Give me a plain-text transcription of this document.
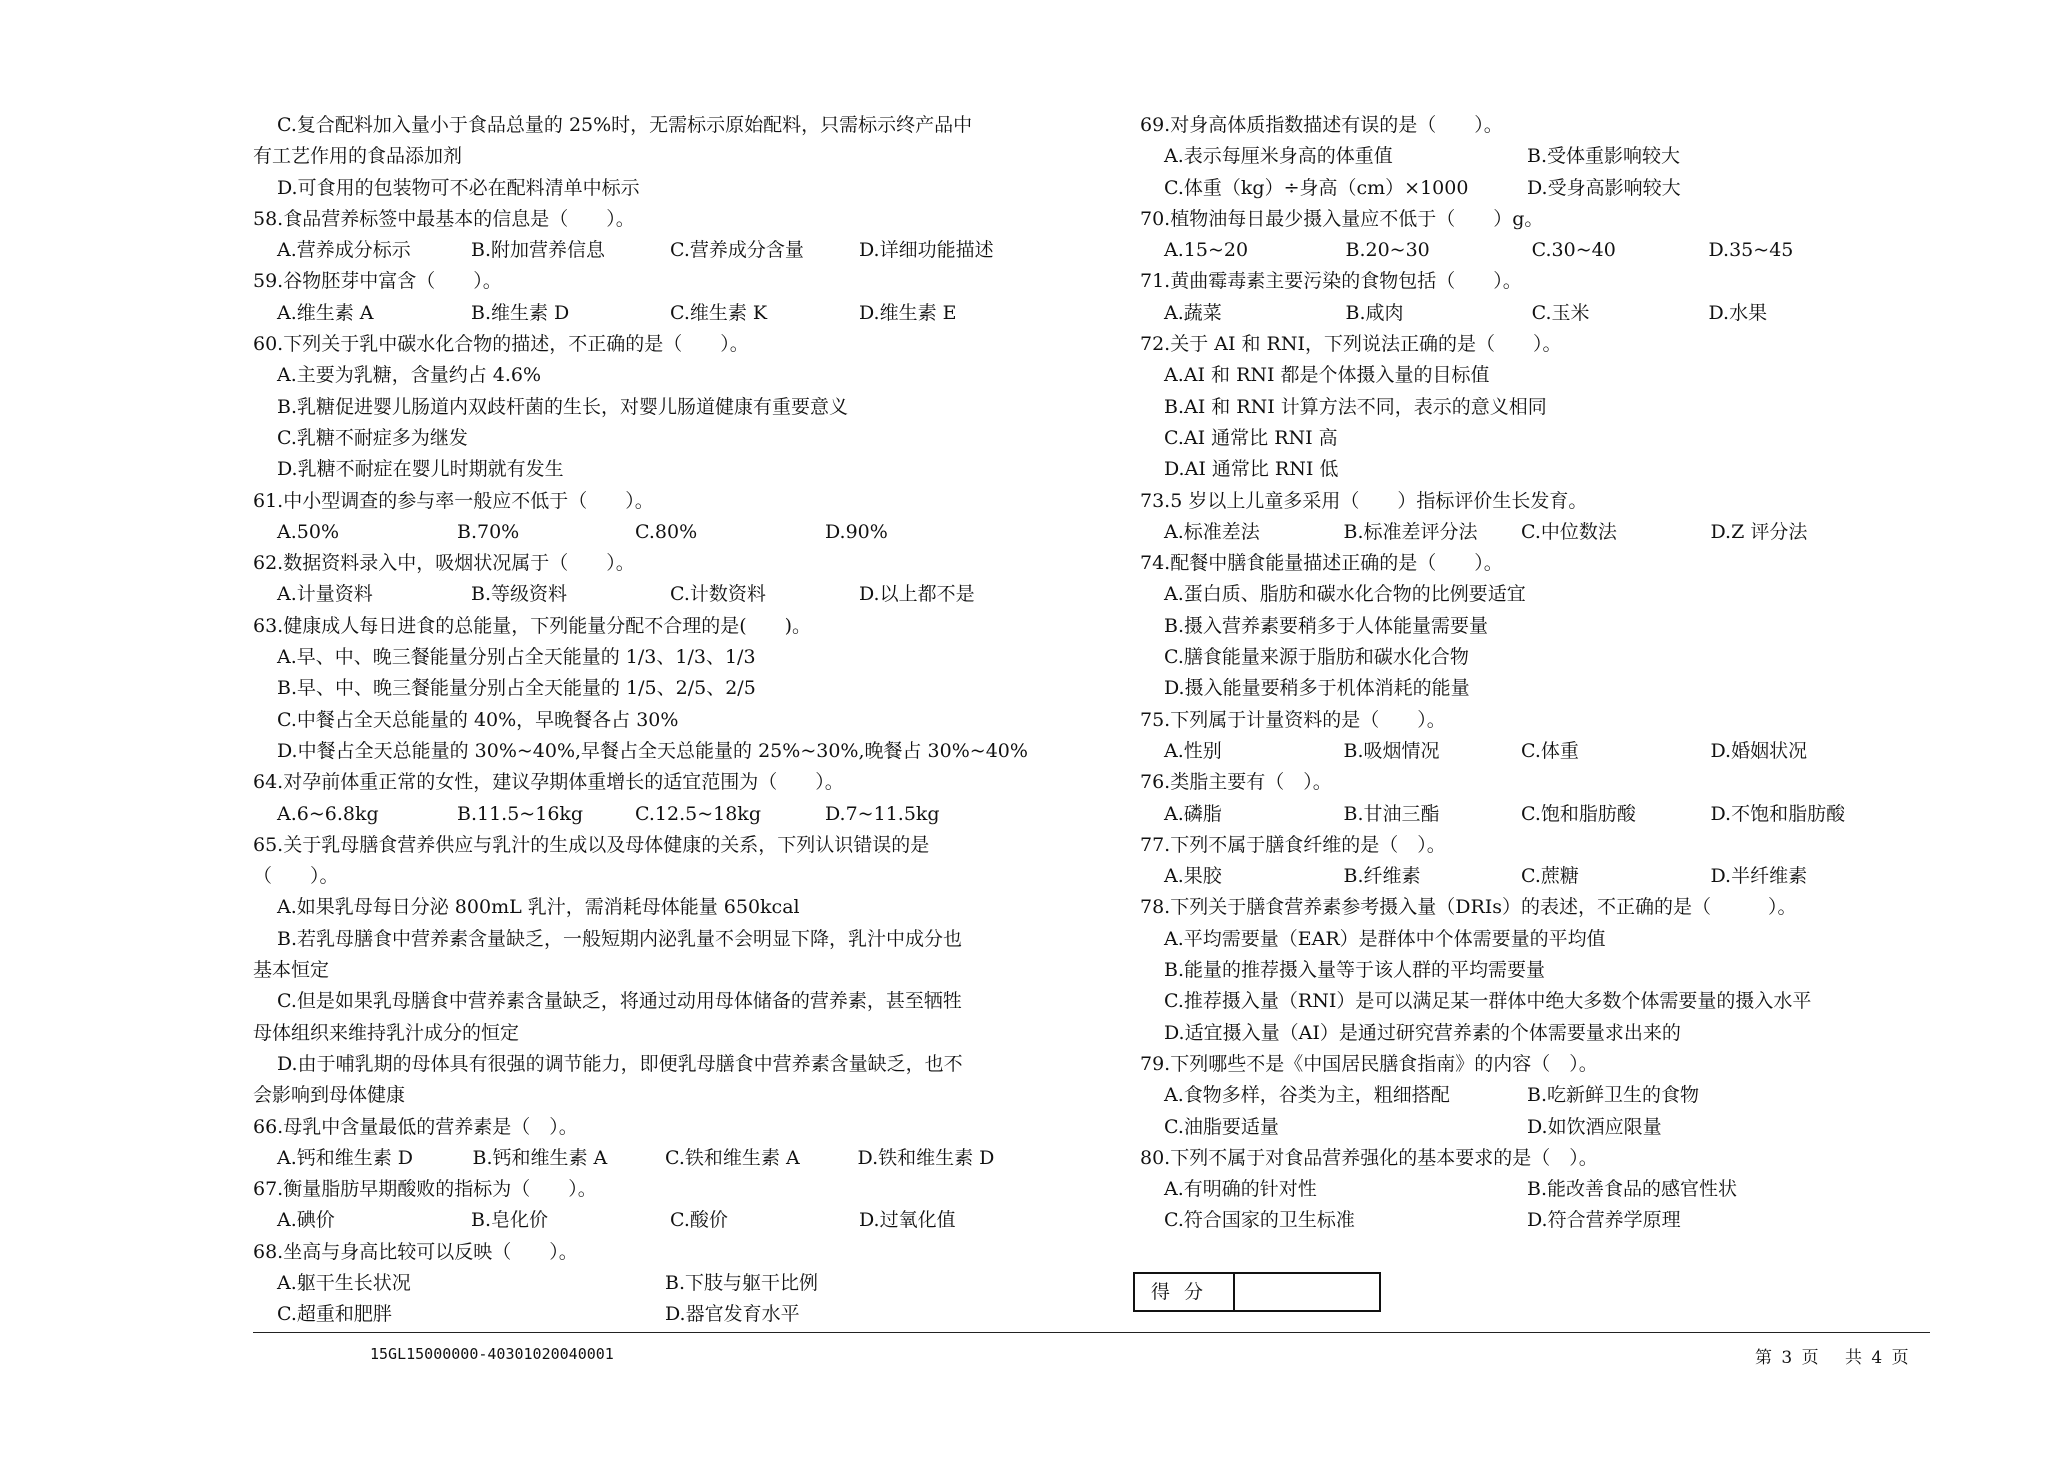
C.复合配料加入量小于食品总量的 25%时，无需标示原始配料，只需标示终产品中
有工艺作用的食品添加剂
D.可食用的包装物可不必在配料清单中标示
58.食品营养标签中最基本的信息是（　　）。
A.营养成分标示	B.附加营养信息	C.营养成分含量	D.详细功能描述
59.谷物胚芽中富含（　　）。
A.维生素 A	B.维生素 D	C.维生素 K	D.维生素 E
60.下列关于乳中碳水化合物的描述，不正确的是（　　）。
A.主要为乳糖，含量约占 4.6%
B.乳糖促进婴儿肠道内双歧杆菌的生长，对婴儿肠道健康有重要意义
C.乳糖不耐症多为继发
D.乳糖不耐症在婴儿时期就有发生
61.中小型调查的参与率一般应不低于（　　）。
A.50%	B.70%	C.80%	D.90%
62.数据资料录入中，吸烟状况属于（　　）。
A.计量资料	B.等级资料	C.计数资料	D.以上都不是
63.健康成人每日进食的总能量，下列能量分配不合理的是(　　)。
A.早、中、晚三餐能量分别占全天能量的 1/3、1/3、1/3
B.早、中、晚三餐能量分别占全天能量的 1/5、2/5、2/5
C.中餐占全天总能量的 40%，早晚餐各占 30%
D.中餐占全天总能量的 30%~40%,早餐占全天总能量的 25%~30%,晚餐占 30%~40%
64.对孕前体重正常的女性，建议孕期体重增长的适宜范围为（　　）。
A.6~6.8kg	B.11.5~16kg	C.12.5~18kg	D.7~11.5kg
65.关于乳母膳食营养供应与乳汁的生成以及母体健康的关系，下列认识错误的是
（　　）。
A.如果乳母每日分泌 800mL 乳汁，需消耗母体能量 650kcal
B.若乳母膳食中营养素含量缺乏，一般短期内泌乳量不会明显下降，乳汁中成分也
基本恒定
C.但是如果乳母膳食中营养素含量缺乏，将通过动用母体储备的营养素，甚至牺牲
母体组织来维持乳汁成分的恒定
D.由于哺乳期的母体具有很强的调节能力，即便乳母膳食中营养素含量缺乏，也不
会影响到母体健康
66.母乳中含量最低的营养素是（　）。
A.钙和维生素 D	B.钙和维生素 A	C.铁和维生素 A	D.铁和维生素 D
67.衡量脂肪早期酸败的指标为（　　）。
A.碘价	B.皂化价	C.酸价	D.过氧化值
68.坐高与身高比较可以反映（　　）。
A.躯干生长状况	B.下肢与躯干比例
C.超重和肥胖	D.器官发育水平
69.对身高体质指数描述有误的是（　　）。
A.表示每厘米身高的体重值	B.受体重影响较大
C.体重（kg）÷身高（cm）×1000	D.受身高影响较大
70.植物油每日最少摄入量应不低于（　　）g。
A.15~20	B.20~30	C.30~40	D.35~45
71.黄曲霉毒素主要污染的食物包括（　　）。
A.蔬菜	B.咸肉	C.玉米	D.水果
72.关于 AI 和 RNI，下列说法正确的是（　　）。
A.AI 和 RNI 都是个体摄入量的目标值
B.AI 和 RNI 计算方法不同，表示的意义相同
C.AI 通常比 RNI 高
D.AI 通常比 RNI 低
73.5 岁以上儿童多采用（　　）指标评价生长发育。
A.标准差法	B.标准差评分法	C.中位数法	D.Z 评分法
74.配餐中膳食能量描述正确的是（　　）。
A.蛋白质、脂肪和碳水化合物的比例要适宜
B.摄入营养素要稍多于人体能量需要量
C.膳食能量来源于脂肪和碳水化合物
D.摄入能量要稍多于机体消耗的能量
75.下列属于计量资料的是（　　）。
A.性别	B.吸烟情况	C.体重	D.婚姻状况
76.类脂主要有（　）。
A.磷脂	B.甘油三酯	C.饱和脂肪酸	D.不饱和脂肪酸
77.下列不属于膳食纤维的是（　）。
A.果胶	B.纤维素	C.蔗糖	D.半纤维素
78.下列关于膳食营养素参考摄入量（DRIs）的表述，不正确的是（　　　）。
A.平均需要量（EAR）是群体中个体需要量的平均值
B.能量的推荐摄入量等于该人群的平均需要量
C.推荐摄入量（RNI）是可以满足某一群体中绝大多数个体需要量的摄入水平
D.适宜摄入量（AI）是通过研究营养素的个体需要量求出来的
79.下列哪些不是《中国居民膳食指南》的内容（　）。
A.食物多样，谷类为主，粗细搭配	B.吃新鲜卫生的食物
C.油脂要适量	D.如饮酒应限量
80.下列不属于对食品营养强化的基本要求的是（　）。
A.有明确的针对性	B.能改善食品的感官性状
C.符合国家的卫生标准	D.符合营养学原理
得分
15GL15000000-40301020040001	第 3 页　 共 4 页
